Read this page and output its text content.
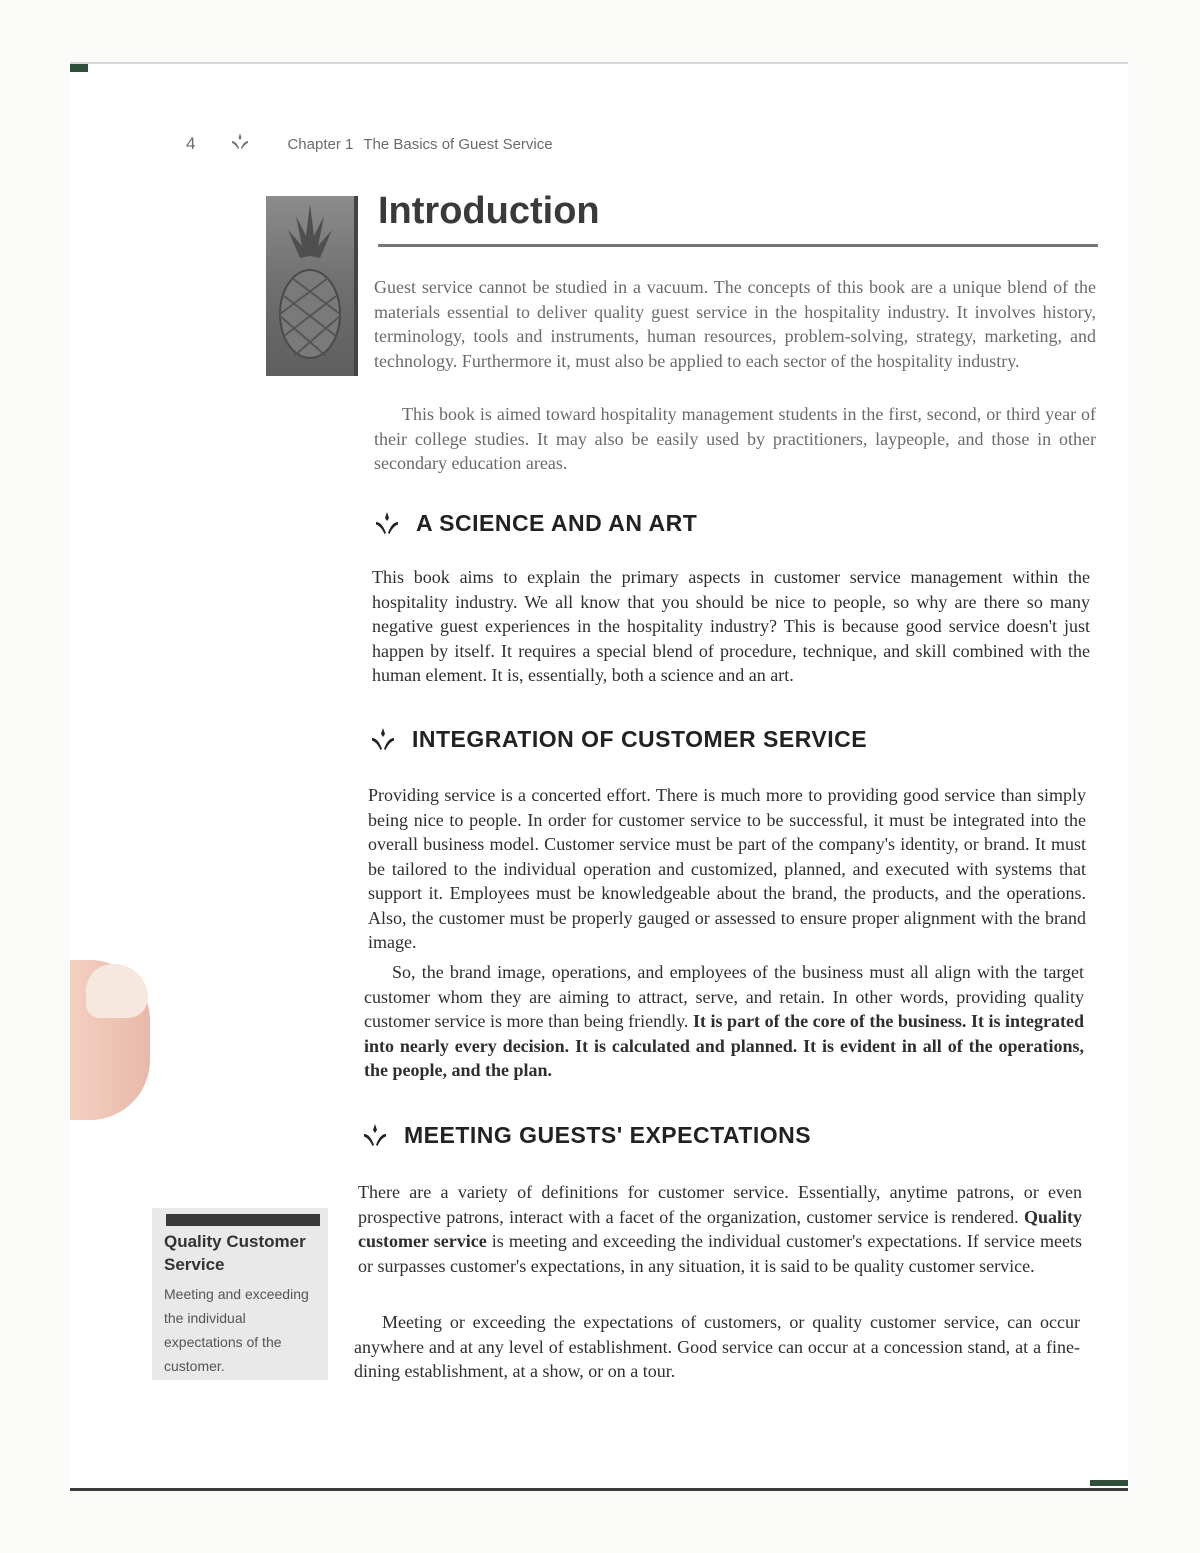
4	Chapter 1 The Basics of Guest Service
Introduction

Guest service cannot be studied in a vacuum. The concepts of this book are a unique blend of the materials essential to deliver quality guest service in the hospitality industry. It involves history, terminology, tools and instruments, human resources, problem-solving, strategy, marketing, and technology. Furthermore it, must also be applied to each sector of the hospitality industry.

This book is aimed toward hospitality management students in the first, second, or third year of their college studies. It may also be easily used by practitioners, laypeople, and those in other secondary education areas.

A SCIENCE AND AN ART

This book aims to explain the primary aspects in customer service management within the hospitality industry. We all know that you should be nice to people, so why are there so many negative guest experiences in the hospitality industry? This is because good service doesn't just happen by itself. It requires a special blend of procedure, technique, and skill combined with the human element. It is, essentially, both a science and an art.

INTEGRATION OF CUSTOMER SERVICE

Providing service is a concerted effort. There is much more to providing good service than simply being nice to people. In order for customer service to be successful, it must be integrated into the overall business model. Customer service must be part of the company's identity, or brand. It must be tailored to the individual operation and customized, planned, and executed with systems that support it. Employees must be knowledgeable about the brand, the products, and the operations. Also, the customer must be properly gauged or assessed to ensure proper alignment with the brand image.

So, the brand image, operations, and employees of the business must all align with the target customer whom they are aiming to attract, serve, and retain. In other words, providing quality customer service is more than being friendly. It is part of the core of the business. It is integrated into nearly every decision. It is calculated and planned. It is evident in all of the operations, the people, and the plan.

MEETING GUESTS' EXPECTATIONS

There are a variety of definitions for customer service. Essentially, anytime patrons, or even prospective patrons, interact with a facet of the organization, customer service is rendered. Quality customer service is meeting and exceeding the individual customer's expectations. If service meets or surpasses customer's expectations, in any situation, it is said to be quality customer service.

Meeting or exceeding the expectations of customers, or quality customer service, can occur anywhere and at any level of establishment. Good service can occur at a concession stand, at a fine-dining establishment, at a show, or on a tour.

Quality Customer Service
Meeting and exceeding the individual expectations of the customer.
